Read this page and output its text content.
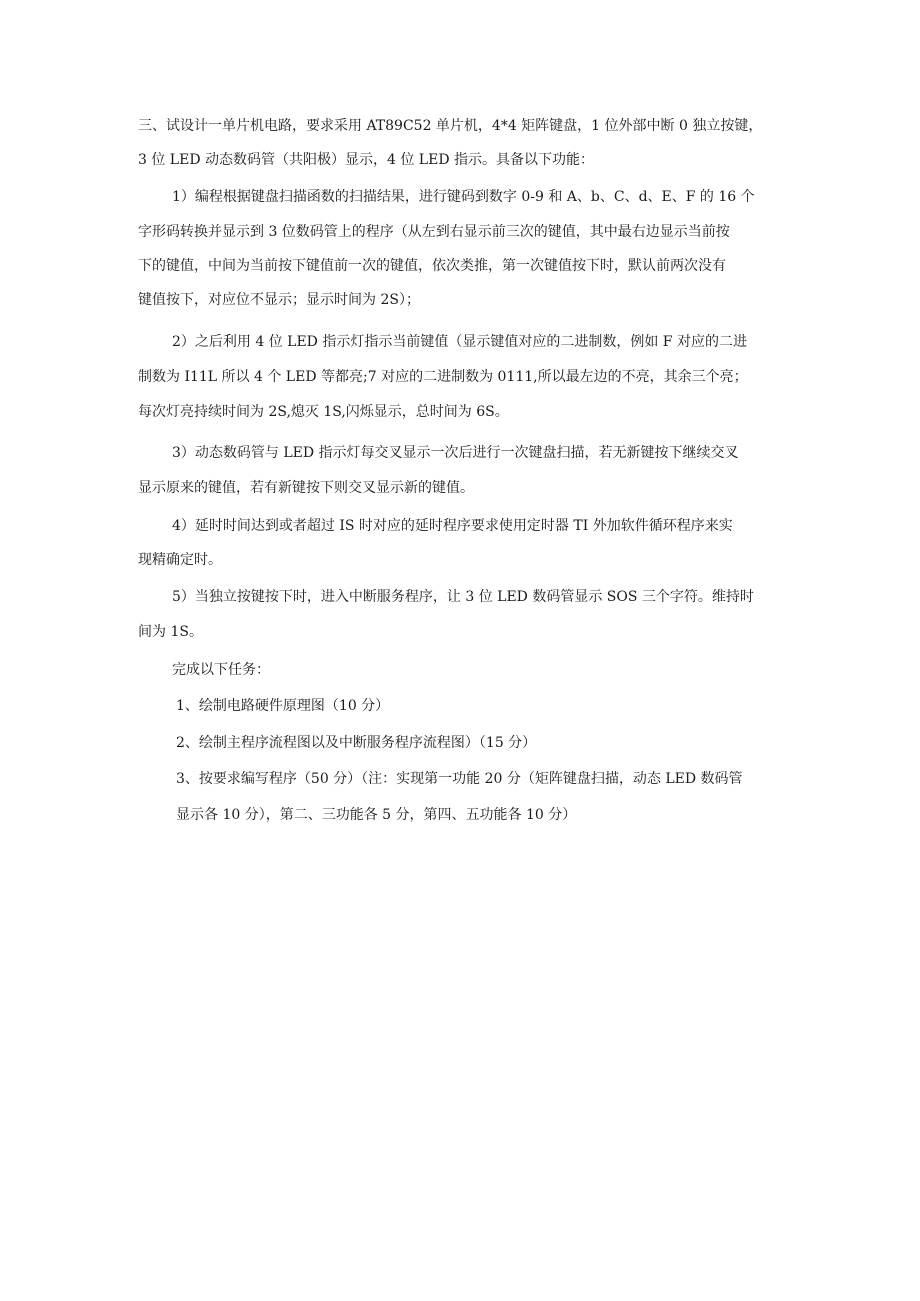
三、试设计一单片机电路，要求采用 AT89C52 单片机，4*4 矩阵键盘，1 位外部中断 0 独立按键，
3 位 LED 动态数码管（共阳极）显示，4 位 LED 指示。具备以下功能：
1）编程根据键盘扫描函数的扫描结果，进行键码到数字 0-9 和 A、b、C、d、E、F 的 16 个
字形码转换并显示到 3 位数码管上的程序（从左到右显示前三次的键值，其中最右边显示当前按
下的键值，中间为当前按下键值前一次的键值，依次类推，第一次键值按下时，默认前两次没有
键值按下，对应位不显示；显示时间为 2S）；
2）之后利用 4 位 LED 指示灯指示当前键值（显示键值对应的二进制数，例如 F 对应的二进
制数为 I11L 所以 4 个 LED 等都亮;7 对应的二进制数为 0111,所以最左边的不亮，其余三个亮；
每次灯亮持续时间为 2S,熄灭 1S,闪烁显示，总时间为 6S。
3）动态数码管与 LED 指示灯每交叉显示一次后进行一次键盘扫描，若无新键按下继续交叉
显示原来的键值，若有新键按下则交叉显示新的键值。
4）延时时间达到或者超过 IS 时对应的延时程序要求使用定时器 TI 外加软件循环程序来实
现精确定时。
5）当独立按键按下时，进入中断服务程序，让 3 位 LED 数码管显示 SOS 三个字符。维持时
间为 1S。
完成以下任务：
1、绘制电路硬件原理图（10 分）
2、绘制主程序流程图以及中断服务程序流程图）（15 分）
3、按要求编写程序（50 分）（注：实现第一功能 20 分（矩阵键盘扫描，动态 LED 数码管
显示各 10 分），第二、三功能各 5 分，第四、五功能各 10 分）
